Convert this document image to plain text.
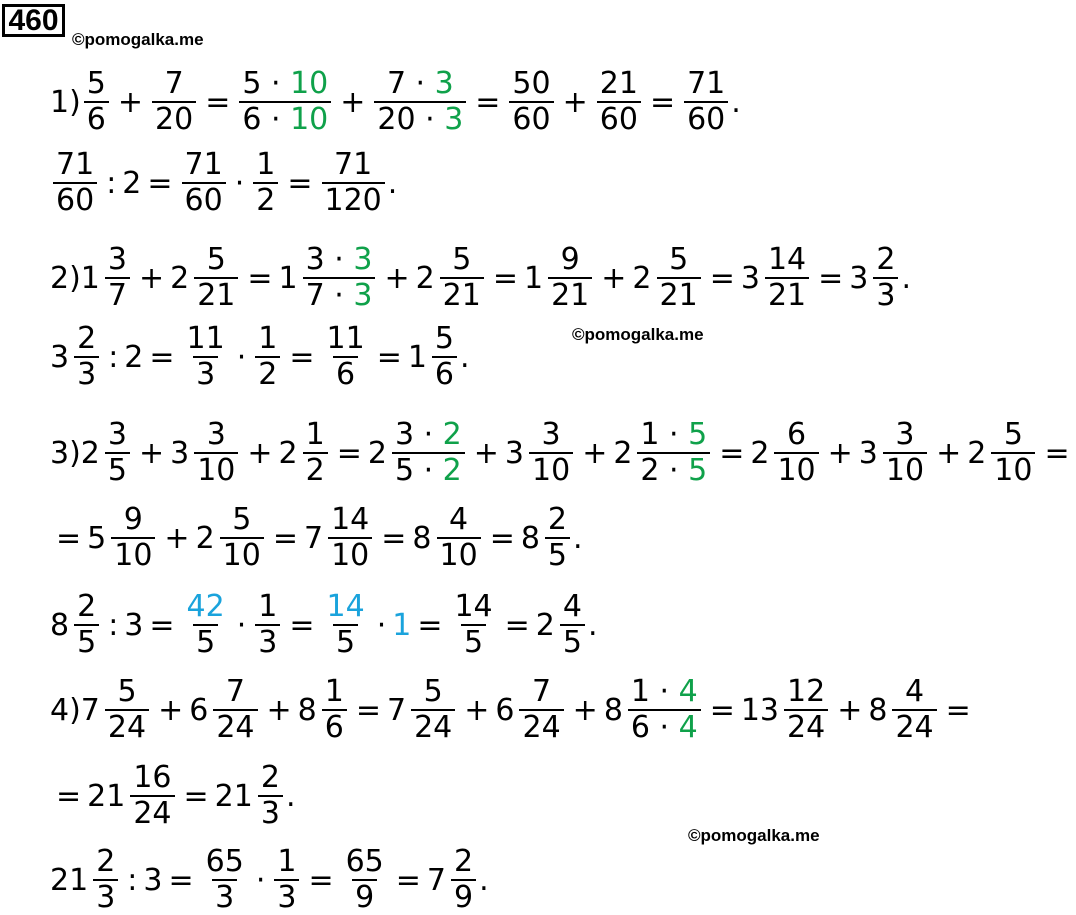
460
©pomogalka.me
©pomogalka.me
©pomogalka.me
$1) \frac{5}{6} + \frac{7}{20} = \frac{5 \cdot 10}{6 \cdot 10} + \frac{7 \cdot 3}{20 \cdot 3} = \frac{50}{60} + \frac{21}{60} = \frac{71}{60}$ .
$\frac{71}{60}$ : $2 = \frac{71}{60} \cdot \frac{1}{2} = \frac{71}{120}$ .
2) $1 \frac{3}{7} + 2 \frac{5}{21} = 1 \frac{3 \cdot 3}{7 \cdot 3} + 2 \frac{5}{21} = 1 \frac{9}{21} + 2 \frac{5}{21} = 3 \frac{14}{21} = 3 \frac{2}{3}$ .
$3 \frac{2}{3}$ : $2 = \frac{11}{3} \cdot \frac{1}{2} = \frac{11}{6} = 1 \frac{5}{6}$ .
3) $2 \frac{3}{5} + 3 \frac{3}{10} + 2 \frac{1}{2} = 2 \frac{3 \cdot 2}{5 \cdot 2} + 3 \frac{3}{10} + 2 \frac{1 \cdot 5}{2 \cdot 5} = 2 \frac{6}{10} + 3 \frac{3}{10} + 2 \frac{5}{10}$ =
= $5 \frac{9}{10} + 2 \frac{5}{10} = 7 \frac{14}{10} = 8 \frac{4}{10} = 8 \frac{2}{5}$ .
$8 \frac{2}{5}$ : $3 = \frac{42}{5} \cdot \frac{1}{3} = \frac{14}{5} \cdot 1 = \frac{14}{5} = 2 \frac{4}{5}$ .
4) $7 \frac{5}{24} + 6 \frac{7}{24} + 8 \frac{1}{6} = 7 \frac{5}{24} + 6 \frac{7}{24} + 8 \frac{1 \cdot 4}{6 \cdot 4} = 13 \frac{12}{24} + 8 \frac{4}{24}$ =
= $21 \frac{16}{24} = 21 \frac{2}{3}$ .
$21 \frac{2}{3}$ : $3 = \frac{65}{3} \cdot \frac{1}{3} = \frac{65}{9} = 7 \frac{2}{9}$ .
